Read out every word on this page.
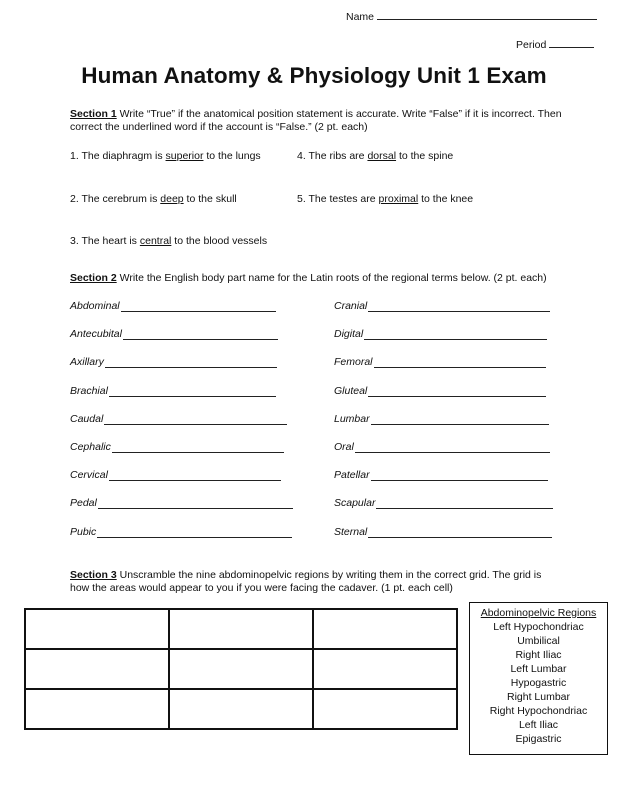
Name
Period
Human Anatomy & Physiology Unit 1 Exam
Section 1 Write “True” if the anatomical position statement is accurate. Write “False” if it is incorrect. Then correct the underlined word if the account is “False.” (2 pt. each)
1. The diaphragm is superior to the lungs
2. The cerebrum is deep to the skull
3. The heart is central to the blood vessels
4. The ribs are dorsal to the spine
5. The testes are proximal to the knee
Section 2 Write the English body part name for the Latin roots of the regional terms below. (2 pt. each)
Abdominal
Antecubital
Axillary
Brachial
Caudal
Cephalic
Cervical
Pedal
Pubic
Cranial
Digital
Femoral
Gluteal
Lumbar
Oral
Patellar
Scapular
Sternal
Section 3 Unscramble the nine abdominopelvic regions by writing them in the correct grid. The grid is how the areas would appear to you if you were facing the cadaver. (1 pt. each cell)

Abdominopelvic Regions
Left Hypochondriac
Umbilical
Right Iliac
Left Lumbar
Hypogastric
Right Lumbar
Right Hypochondriac
Left Iliac
Epigastric
